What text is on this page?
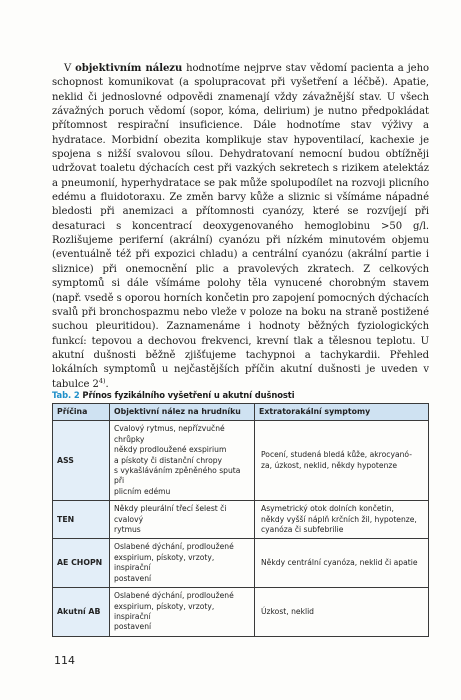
V objektivním nálezu hodnotíme nejprve stav vědomí pacienta a jeho schopnost komunikovat (a spolupracovat při vyšetření a léčbě). Apatie, neklid či jednoslovné odpovědi znamenají vždy závažnější stav. U všech závažných poruch vědomí (sopor, kóma, delirium) je nutno předpokládat přítomnost respirační insuficience. Dále hodnotíme stav výživy a hydratace. Morbidní obezita komplikuje stav hypoventilací, kachexie je spojena s nižší svalovou sílou. Dehydratovaní nemocní budou obtížněji udržovat toaletu dýchacích cest při vazkých sekretech s rizikem atelektáz a pneumonií, hyperhydratace se pak může spolupodílet na rozvoji plicního edému a fluidotoraxu. Ze změn barvy kůže a sliznic si všímáme nápadné bledosti při anemizaci a přítomnosti cyanózy, které se rozvíjejí při desaturaci s koncentrací deoxygenovaného hemoglobinu >50 g/l. Rozlišujeme periferní (akrální) cyanózu při nízkém minutovém objemu (eventuálně též při expozici chladu) a centrální cyanózu (akrální partie i sliznice) při onemocnění plic a pravolevých zkratech. Z celkových symptomů si dále všímáme polohy těla vynucené chorobným stavem (např. vsedě s oporou horních končetin pro zapojení pomocných dýchacích svalů při bronchospazmu nebo vleže v poloze na boku na straně postižené suchou pleuritidou). Zaznamenáme i hodnoty běžných fyziologických funkcí: tepovou a dechovou frekvenci, krevní tlak a tělesnou teplotu. U akutní dušnosti běžně zjišťujeme tachypnoi a tachykardii. Přehled lokálních symptomů u nejčastějších příčin akutní dušnosti je uveden v tabulce 2$^{4)}$.

Tab. 2 Přínos fyzikálního vyšetření u akutní dušnosti
Příčina	Objektivní nález na hrudníku	Extratorakální symptomy
ASS	Cvalový rytmus, nepřízvučné chrůpky
někdy prodloužené exspirium
a pískoty či distanční chropy
s vykašláváním zpěněného sputa při
plicním edému	Pocení, studená bledá kůže, akrocyanó-
za, úzkost, neklid, někdy hypotenze

TEN	Někdy pleurální třecí šelest či cvalový
rytmus	Asymetrický otok dolních končetin,
někdy vyšší náplň krčních žil, hypotenze,
cyanóza či subfebrilie

AE CHOPN	Oslabené dýchání, prodloužené
exspirium, pískoty, vrzoty, inspirační
postavení	Někdy centrální cyanóza, neklid či apatie

Akutní AB	Oslabené dýchání, prodloužené
exspirium, pískoty, vrzoty, inspirační
postavení	Úzkost, neklid
114
